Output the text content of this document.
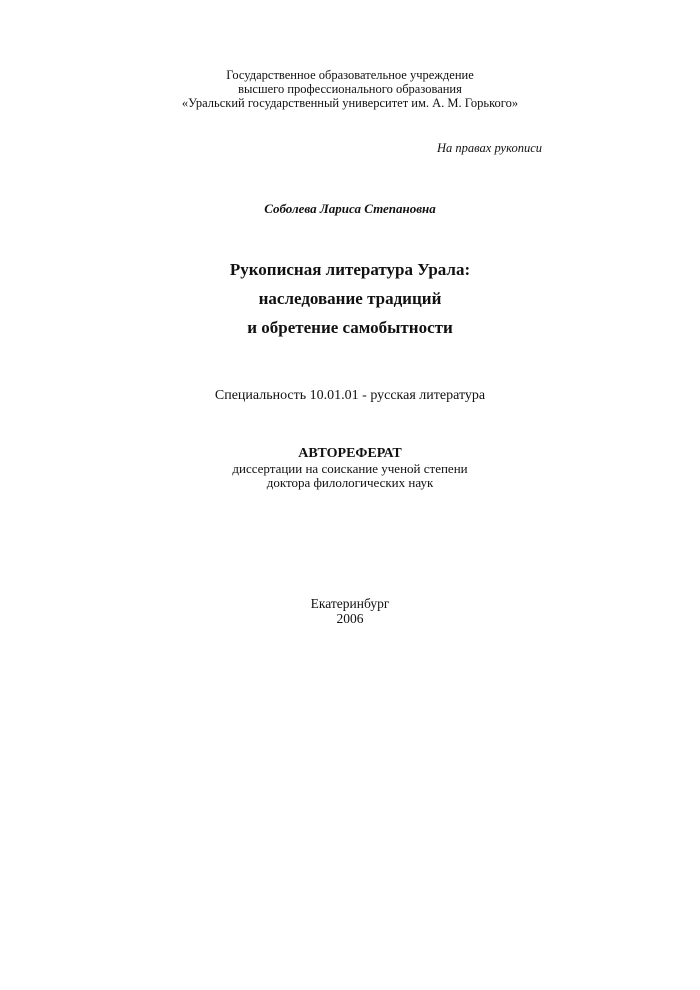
Государственное образовательное учреждение
высшего профессионального образования
«Уральский государственный университет им. А. М. Горького»
На правах рукописи
Соболева Лариса Степановна
Рукописная литература Урала:
наследование традиций
и обретение самобытности
Специальность 10.01.01 - русская литература
АВТОРЕФЕРАТ
диссертации на соискание ученой степени
доктора филологических наук
Екатеринбург
2006
